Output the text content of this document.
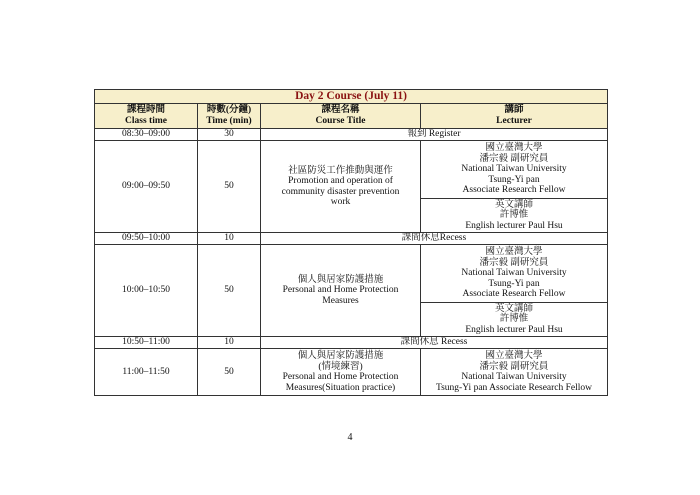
Day 2 Course (July 11)			

課程時間
Class time	時數(分鐘)
Time (min)	課程名稱
Course Title	講師
Lecturer

08:30–09:00	30	報到 Register	
09:00–09:50	50	社區防災工作推動與運作
Promotion and operation of
community disaster prevention
work	國立臺灣大學
潘宗毅 副研究員
National Taiwan University
Tsung-Yi pan
Associate Research Fellow

			英文講師
許博惟
English lecturer Paul Hsu

09:50–10:00	10	課間休息Recess	
10:00–10:50	50	個人與居家防護措施
Personal and Home Protection
Measures	國立臺灣大學
潘宗毅 副研究員
National Taiwan University
Tsung-Yi pan
Associate Research Fellow

			英文講師
許博惟
English lecturer Paul Hsu

10:50–11:00	10	課間休息 Recess	
11:00–11:50	50	個人與居家防護措施
(情境練習)
Personal and Home Protection
Measures(Situation practice)	國立臺灣大學
潘宗毅 副研究員
National Taiwan University
Tsung-Yi pan Associate Research Fellow
4
